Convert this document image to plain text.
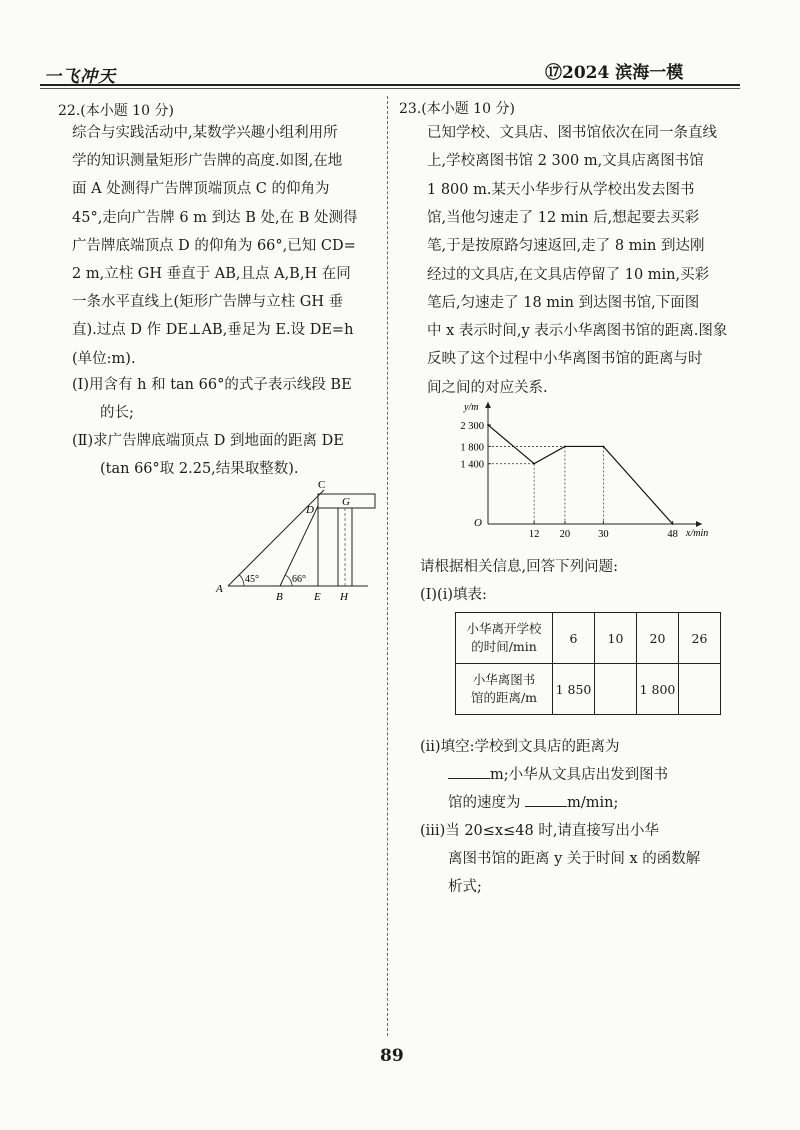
一飞冲天	⑰2024 滨海一模
22.(本小题 10 分)
综合与实践活动中,某数学兴趣小组利用所
学的知识测量矩形广告牌的高度.如图,在地
面 A 处测得广告牌顶端顶点 C 的仰角为
45°,走向广告牌 6 m 到达 B 处,在 B 处测得
广告牌底端顶点 D 的仰角为 66°,已知 CD=
2 m,立柱 GH 垂直于 AB,且点 A,B,H 在同
一条水平直线上(矩形广告牌与立柱 GH 垂
直).过点 D 作 DE⊥AB,垂足为 E.设 DE=h
(单位:m).
(Ⅰ)用含有 h 和 tan 66°的式子表示线段 BE
的长;
(Ⅱ)求广告牌底端顶点 D 到地面的距离 DE
(tan 66°取 2.25,结果取整数).
A
B	E H
C
D
G
45°	66°
23.(本小题 10 分)
已知学校、文具店、图书馆依次在同一条直线
上,学校离图书馆 2 300 m,文具店离图书馆
1 800 m.某天小华步行从学校出发去图书
馆,当他匀速走了 12 min 后,想起要去买彩
笔,于是按原路匀速返回,走了 8 min 到达刚
经过的文具店,在文具店停留了 10 min,买彩
笔后,匀速走了 18 min 到达图书馆,下面图
中 x 表示时间,y 表示小华离图书馆的距离.图象
反映了这个过程中小华离图书馆的距离与时
间之间的对应关系.
x/min
y/m
O
1 400
1 800
2 300
12 20	30	48
请根据相关信息,回答下列问题:
(Ⅰ)(ⅰ)填表:
小华离开学校
的时间/min	6	10	20	26
小华离图书
馆的距离/m	1 850		1 800	
(ⅱ)填空:学校到文具店的距离为
m;小华从文具店出发到图书
馆的速度为	m/min;
(ⅲ)当 20≤x≤48 时,请直接写出小华
离图书馆的距离 y 关于时间 x 的函数解
析式;
89
